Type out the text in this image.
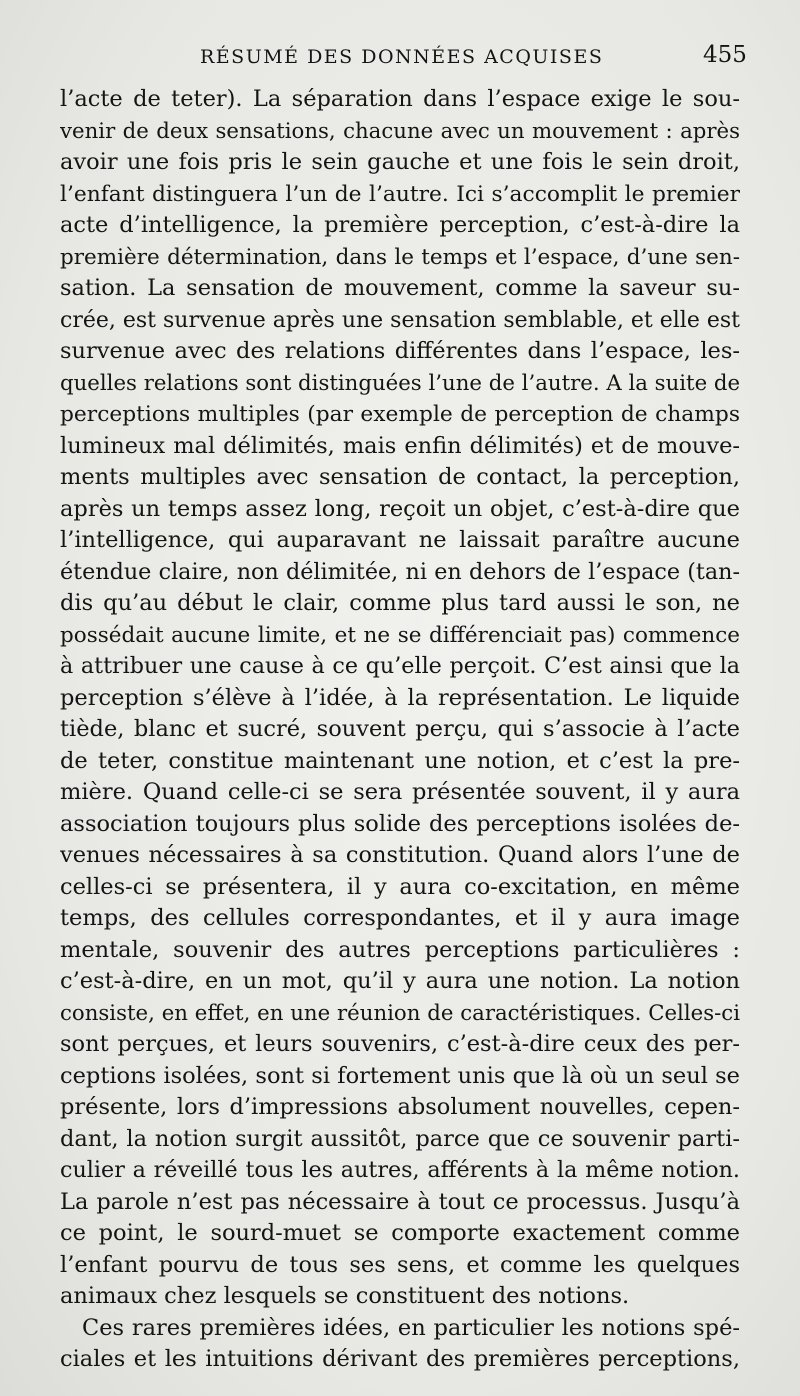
RÉSUMÉ DES DONNÉES ACQUISES	455
l’acte de teter). La séparation dans l’espace exige le sou-
venir de deux sensations, chacune avec un mouvement : après
avoir une fois pris le sein gauche et une fois le sein droit,
l’enfant distinguera l’un de l’autre. Ici s’accomplit le premier
acte d’intelligence, la première perception, c’est-à-dire la
première détermination, dans le temps et l’espace, d’une sen-
sation. La sensation de mouvement, comme la saveur su-
crée, est survenue après une sensation semblable, et elle est
survenue avec des relations différentes dans l’espace, les-
quelles relations sont distinguées l’une de l’autre. A la suite de
perceptions multiples (par exemple de perception de champs
lumineux mal délimités, mais enfin délimités) et de mouve-
ments multiples avec sensation de contact, la perception,
après un temps assez long, reçoit un objet, c’est-à-dire que
l’intelligence, qui auparavant ne laissait paraître aucune
étendue claire, non délimitée, ni en dehors de l’espace (tan-
dis qu’au début le clair, comme plus tard aussi le son, ne
possédait aucune limite, et ne se différenciait pas) commence
à attribuer une cause à ce qu’elle perçoit. C’est ainsi que la
perception s’élève à l’idée, à la représentation. Le liquide
tiède, blanc et sucré, souvent perçu, qui s’associe à l’acte
de teter, constitue maintenant une notion, et c’est la pre-
mière. Quand celle-ci se sera présentée souvent, il y aura
association toujours plus solide des perceptions isolées de-
venues nécessaires à sa constitution. Quand alors l’une de
celles-ci se présentera, il y aura co-excitation, en même
temps, des cellules correspondantes, et il y aura image
mentale, souvenir des autres perceptions particulières :
c’est-à-dire, en un mot, qu’il y aura une notion. La notion
consiste, en effet, en une réunion de caractéristiques. Celles-ci
sont perçues, et leurs souvenirs, c’est-à-dire ceux des per-
ceptions isolées, sont si fortement unis que là où un seul se
présente, lors d’impressions absolument nouvelles, cepen-
dant, la notion surgit aussitôt, parce que ce souvenir parti-
culier a réveillé tous les autres, afférents à la même notion.
La parole n’est pas nécessaire à tout ce processus. Jusqu’à
ce point, le sourd-muet se comporte exactement comme
l’enfant pourvu de tous ses sens, et comme les quelques
animaux chez lesquels se constituent des notions.
Ces rares premières idées, en particulier les notions spé-
ciales et les intuitions dérivant des premières perceptions,
